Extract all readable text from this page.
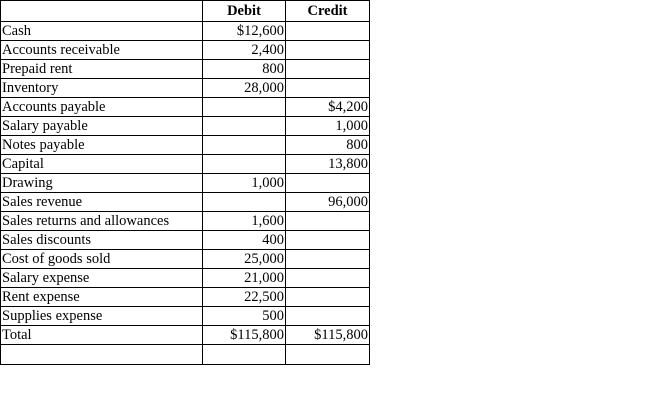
	Debit	Credit
Cash	$12,600	
Accounts receivable	2,400	
Prepaid rent	800	
Inventory	28,000	
Accounts payable		$4,200
Salary payable		1,000
Notes payable		800
Capital		13,800
Drawing	1,000	
Sales revenue		96,000
Sales returns and allowances	1,600	
Sales discounts	400	
Cost of goods sold	25,000	
Salary expense	21,000	
Rent expense	22,500	
Supplies expense	500	
Total	$115,800	$115,800
